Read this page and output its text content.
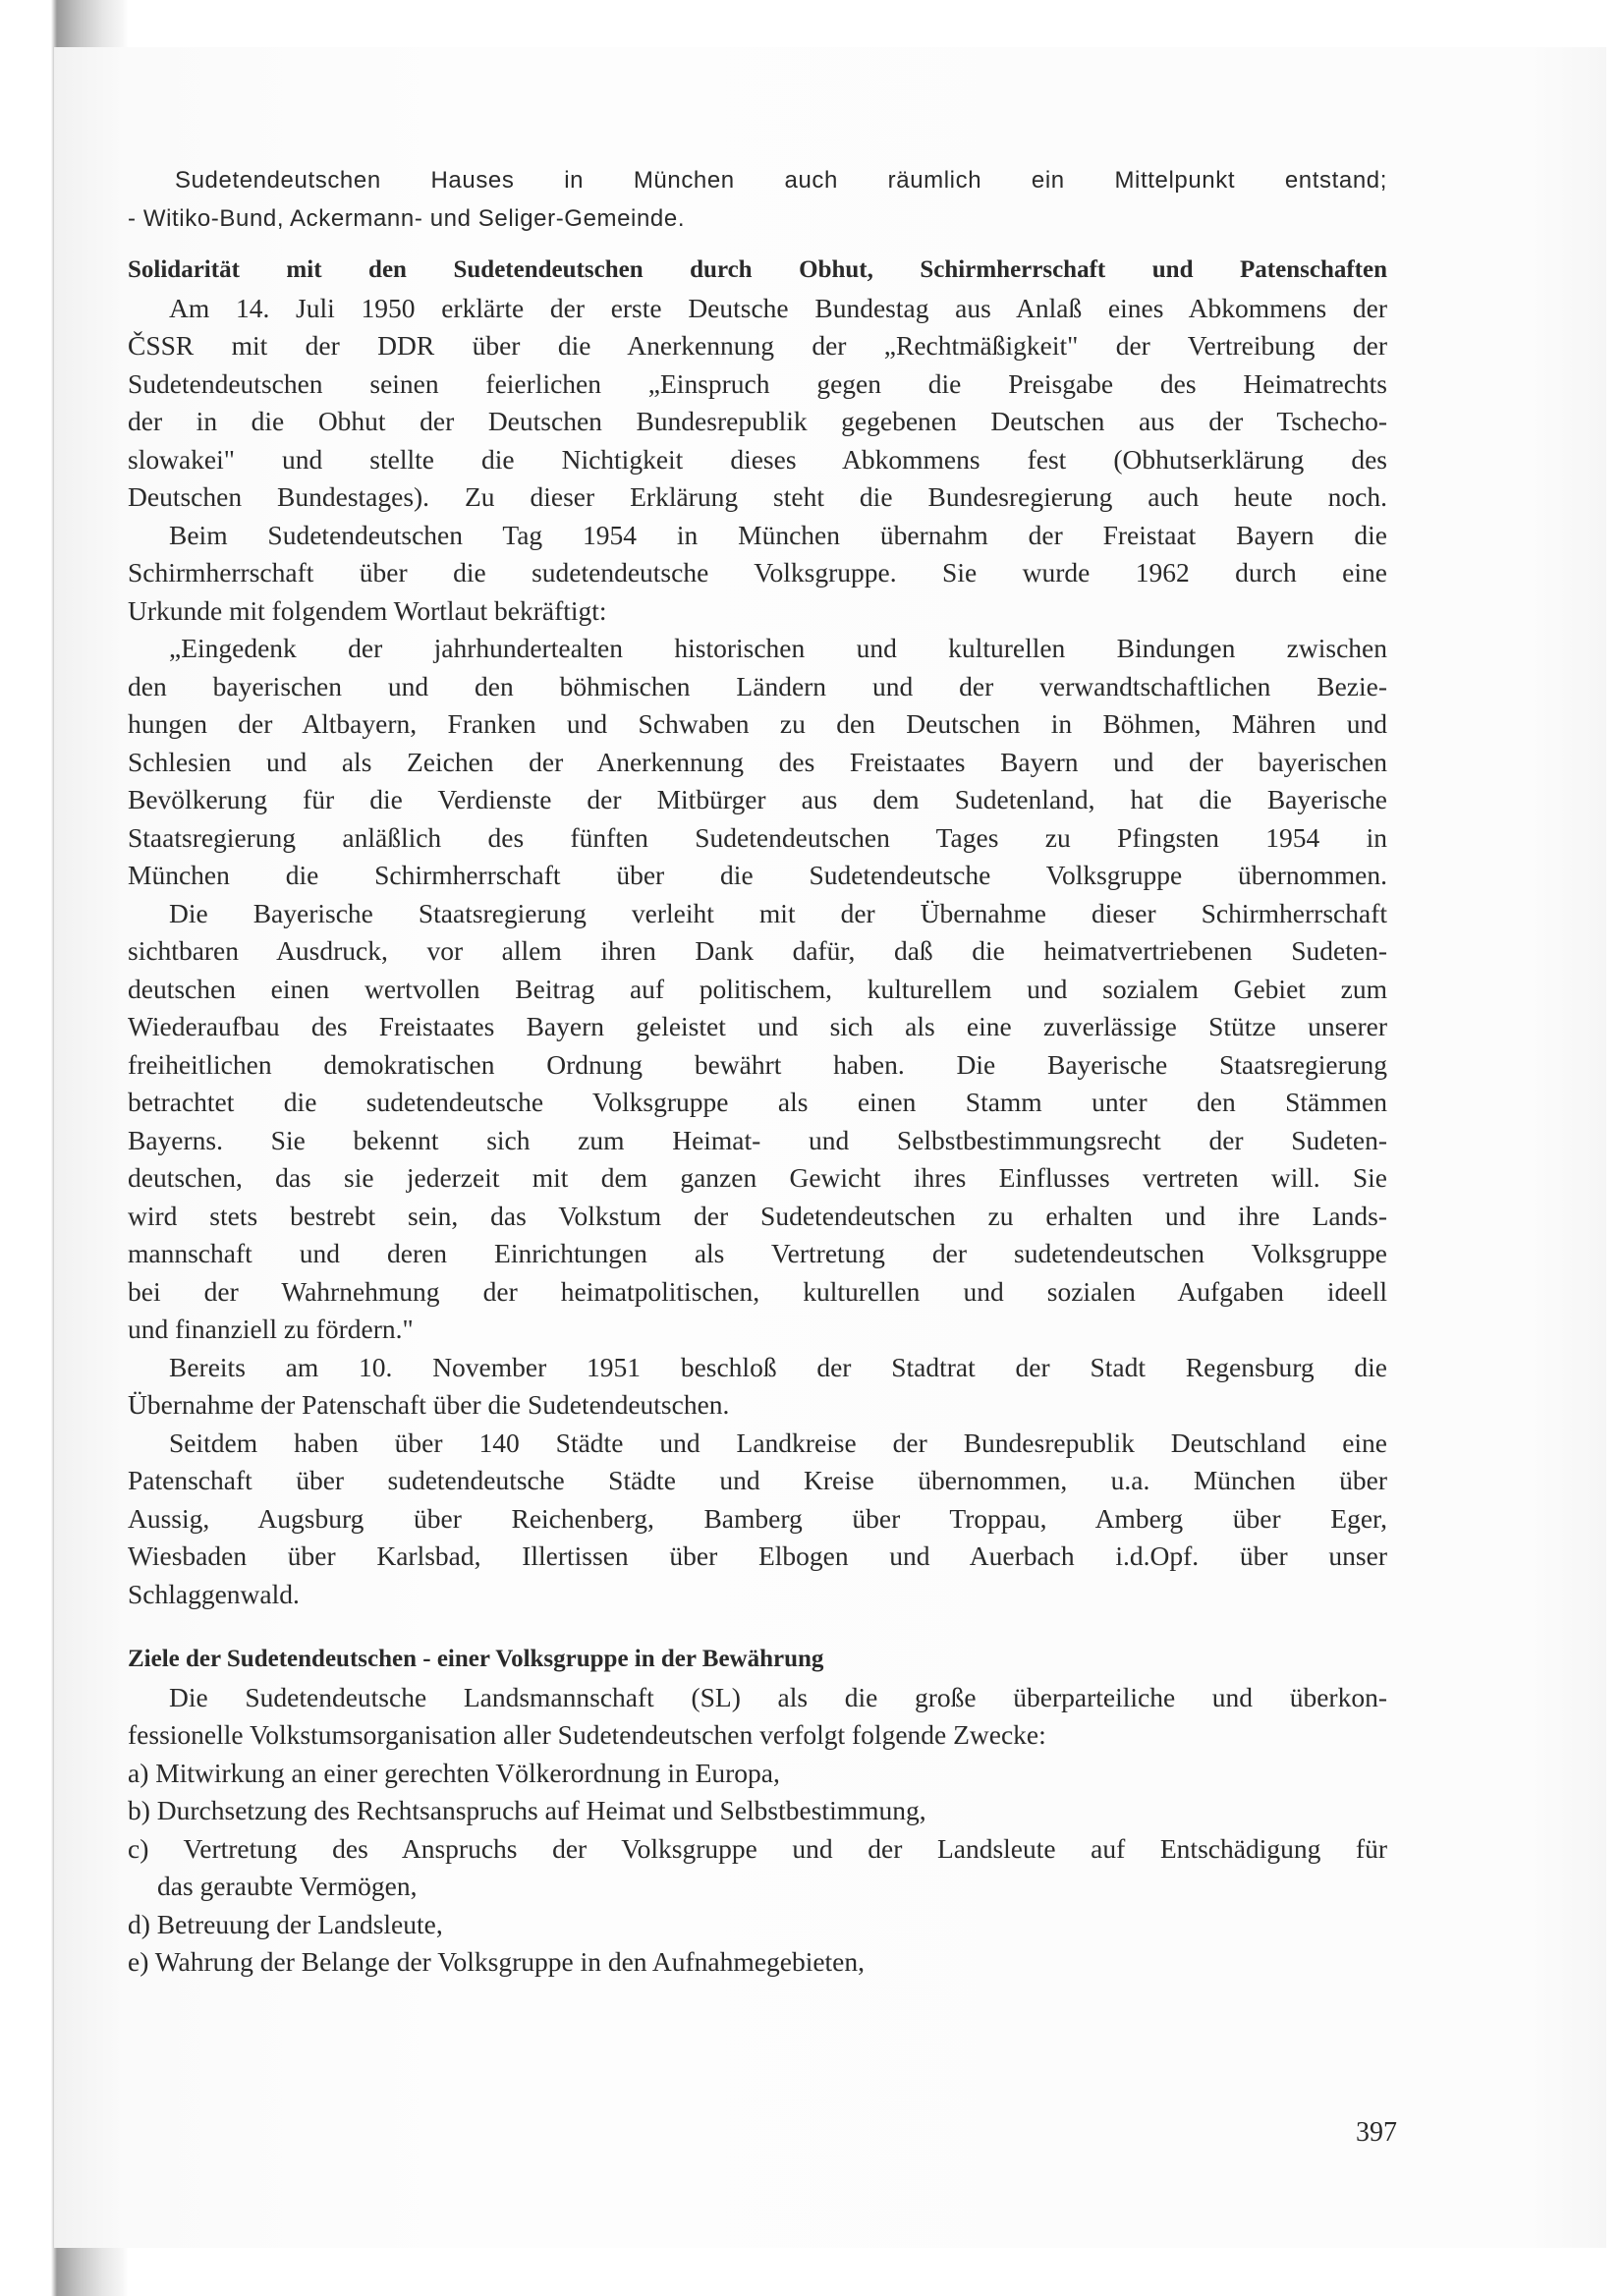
Sudetendeutschen Hauses in München auch räumlich ein Mittelpunkt entstand;
- Witiko-Bund, Ackermann- und Seliger-Gemeinde.
Solidarität mit den Sudetendeutschen durch Obhut, Schirmherrschaft und Patenschaften
Am 14. Juli 1950 erklärte der erste Deutsche Bundestag aus Anlaß eines Abkommens der
ČSSR mit der DDR über die Anerkennung der „Rechtmäßigkeit" der Vertreibung der
Sudetendeutschen seinen feierlichen „Einspruch gegen die Preisgabe des Heimatrechts
der in die Obhut der Deutschen Bundesrepublik gegebenen Deutschen aus der Tschecho-
slowakei" und stellte die Nichtigkeit dieses Abkommens fest (Obhutserklärung des
Deutschen Bundestages). Zu dieser Erklärung steht die Bundesregierung auch heute noch.
Beim Sudetendeutschen Tag 1954 in München übernahm der Freistaat Bayern die
Schirmherrschaft über die sudetendeutsche Volksgruppe. Sie wurde 1962 durch eine
Urkunde mit folgendem Wortlaut bekräftigt:
„Eingedenk der jahrhundertealten historischen und kulturellen Bindungen zwischen
den bayerischen und den böhmischen Ländern und der verwandtschaftlichen Bezie-
hungen der Altbayern, Franken und Schwaben zu den Deutschen in Böhmen, Mähren und
Schlesien und als Zeichen der Anerkennung des Freistaates Bayern und der bayerischen
Bevölkerung für die Verdienste der Mitbürger aus dem Sudetenland, hat die Bayerische
Staatsregierung anläßlich des fünften Sudetendeutschen Tages zu Pfingsten 1954 in
München die Schirmherrschaft über die Sudetendeutsche Volksgruppe übernommen.
Die Bayerische Staatsregierung verleiht mit der Übernahme dieser Schirmherrschaft
sichtbaren Ausdruck, vor allem ihren Dank dafür, daß die heimatvertriebenen Sudeten-
deutschen einen wertvollen Beitrag auf politischem, kulturellem und sozialem Gebiet zum
Wiederaufbau des Freistaates Bayern geleistet und sich als eine zuverlässige Stütze unserer
freiheitlichen demokratischen Ordnung bewährt haben. Die Bayerische Staatsregierung
betrachtet die sudetendeutsche Volksgruppe als einen Stamm unter den Stämmen
Bayerns. Sie bekennt sich zum Heimat- und Selbstbestimmungsrecht der Sudeten-
deutschen, das sie jederzeit mit dem ganzen Gewicht ihres Einflusses vertreten will. Sie
wird stets bestrebt sein, das Volkstum der Sudetendeutschen zu erhalten und ihre Lands-
mannschaft und deren Einrichtungen als Vertretung der sudetendeutschen Volksgruppe
bei der Wahrnehmung der heimatpolitischen, kulturellen und sozialen Aufgaben ideell
und finanziell zu fördern."
Bereits am 10. November 1951 beschloß der Stadtrat der Stadt Regensburg die
Übernahme der Patenschaft über die Sudetendeutschen.
Seitdem haben über 140 Städte und Landkreise der Bundesrepublik Deutschland eine
Patenschaft über sudetendeutsche Städte und Kreise übernommen, u.a. München über
Aussig, Augsburg über Reichenberg, Bamberg über Troppau, Amberg über Eger,
Wiesbaden über Karlsbad, Illertissen über Elbogen und Auerbach i.d.Opf. über unser
Schlaggenwald.
Ziele der Sudetendeutschen - einer Volksgruppe in der Bewährung
Die Sudetendeutsche Landsmannschaft (SL) als die große überparteiliche und überkon-
fessionelle Volkstumsorganisation aller Sudetendeutschen verfolgt folgende Zwecke:
a) Mitwirkung an einer gerechten Völkerordnung in Europa,
b) Durchsetzung des Rechtsanspruchs auf Heimat und Selbstbestimmung,
c) Vertretung des Anspruchs der Volksgruppe und der Landsleute auf Entschädigung für
das geraubte Vermögen,
d) Betreuung der Landsleute,
e) Wahrung der Belange der Volksgruppe in den Aufnahmegebieten,
397
